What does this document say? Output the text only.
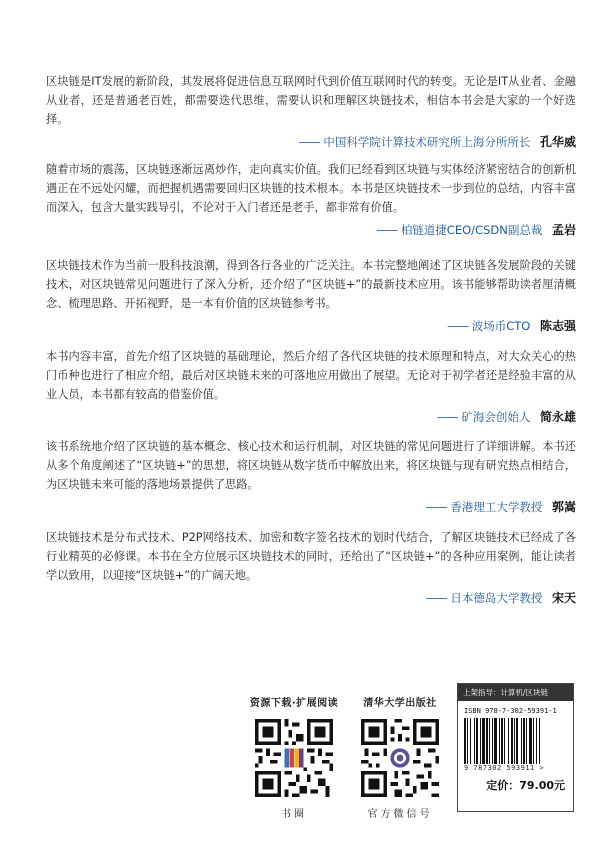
区块链是IT发展的新阶段，其发展将促进信息互联网时代到价值互联网时代的转变。无论是IT从业者、金融从业者，还是普通老百姓，都需要迭代思维，需要认识和理解区块链技术，相信本书会是大家的一个好选择。

—— 中国科学院计算技术研究所上海分所所长 孔华威

随着市场的震荡，区块链逐渐远离炒作，走向真实价值。我们已经看到区块链与实体经济紧密结合的创新机遇正在不远处闪耀，而把握机遇需要回归区块链的技术根本。本书是区块链技术一步到位的总结，内容丰富而深入，包含大量实践导引，不论对于入门者还是老手，都非常有价值。

—— 柏链道捷CEO/CSDN副总裁 孟岩

区块链技术作为当前一股科技浪潮，得到各行各业的广泛关注。本书完整地阐述了区块链各发展阶段的关键技术，对区块链常见问题进行了深入分析，还介绍了“区块链+”的最新技术应用。该书能够帮助读者厘清概念、梳理思路、开拓视野，是一本有价值的区块链参考书。

—— 波场币CTO 陈志强

本书内容丰富，首先介绍了区块链的基础理论，然后介绍了各代区块链的技术原理和特点，对大众关心的热门币种也进行了相应介绍，最后对区块链未来的可落地应用做出了展望。无论对于初学者还是经验丰富的从业人员，本书都有较高的借鉴价值。

—— 矿海会创始人 简永雄

该书系统地介绍了区块链的基本概念、核心技术和运行机制，对区块链的常见问题进行了详细讲解。本书还从多个角度阐述了“区块链+”的思想，将区块链从数字货币中解放出来，将区块链与现有研究热点相结合，为区块链未来可能的落地场景提供了思路。

—— 香港理工大学教授 郭嵩

区块链技术是分布式技术、P2P网络技术、加密和数字签名技术的划时代结合，了解区块链技术已经成了各行业精英的必修课。本书在全方位展示区块链技术的同时，还给出了“区块链+”的各种应用案例，能让读者学以致用，以迎接“区块链+”的广阔天地。

—— 日本德岛大学教授 宋天
资源下载·扩展阅读
书圈
清华大学出版社
官方微信号
上架指导：计算机/区块链
ISBN 978-7-302-59391-1
9 787302 593911 >
定价：79.00元
